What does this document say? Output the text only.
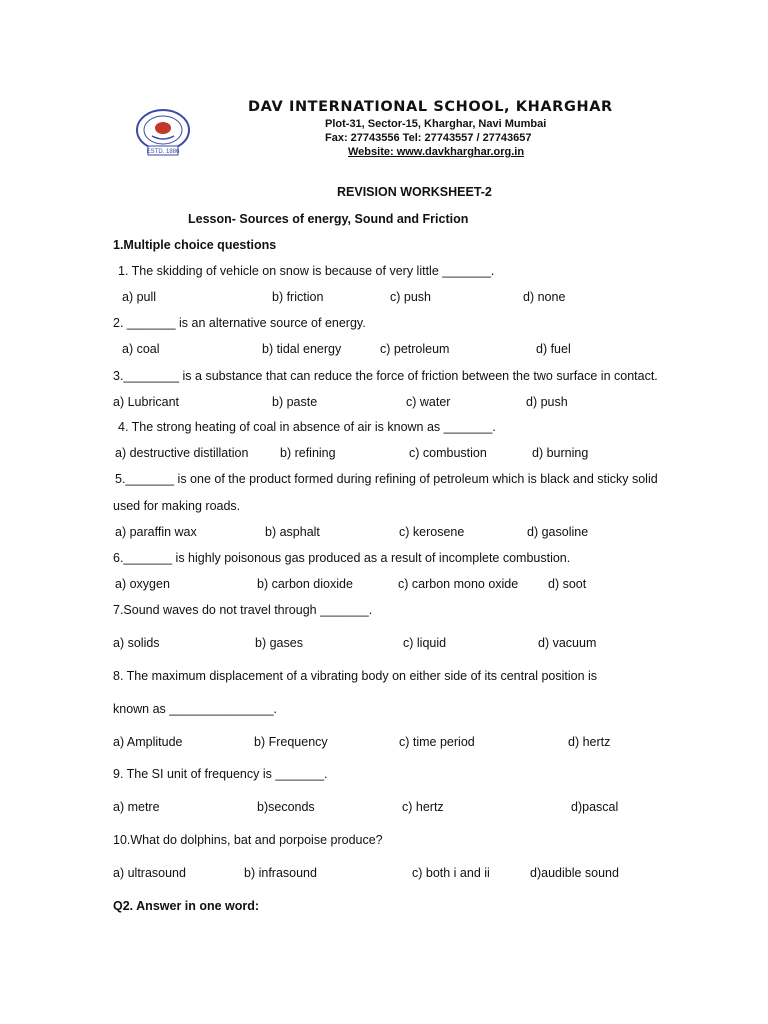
ESTD. 1886
DAV INTERNATIONAL SCHOOL, KHARGHAR
Plot-31, Sector-15, Kharghar, Navi Mumbai
Fax: 27743556 Tel: 27743557 / 27743657
Website: www.davkharghar.org.in
REVISION WORKSHEET-2
Lesson- Sources of energy, Sound and Friction
1.Multiple choice questions
1. The skidding of vehicle on snow is because of very little _______.
a) pull	b) friction	c) push	d) none
2. _______ is an alternative source of energy.
a) coal	b) tidal energy	c) petroleum	d) fuel
3.________ is a substance that can reduce the force of friction between the two surface in contact.
a) Lubricant	b) paste	c) water	d) push
4. The strong heating of coal in absence of air is known as _______.
a) destructive distillation	b) refining	c) combustion	d) burning
5._______ is one of the product formed during refining of petroleum which is black and sticky solid
used for making roads.
a) paraffin wax	b) asphalt	c) kerosene	d) gasoline
6._______ is highly poisonous gas produced as a result of incomplete combustion.
a) oxygen	b) carbon dioxide	c) carbon mono oxide d) soot
7.Sound waves do not travel through _______.
a) solids	b) gases	c) liquid	d) vacuum
8. The maximum displacement of a vibrating body on either side of its central position is
known as _______________.
a) Amplitude	b) Frequency	c) time period	d) hertz
9. The SI unit of frequency is _______.
a) metre	b)seconds	c) hertz	d)pascal
10.What do dolphins, bat and porpoise produce?
a) ultrasound	b) infrasound	c) both i and ii	d)audible sound
Q2. Answer in one word:
